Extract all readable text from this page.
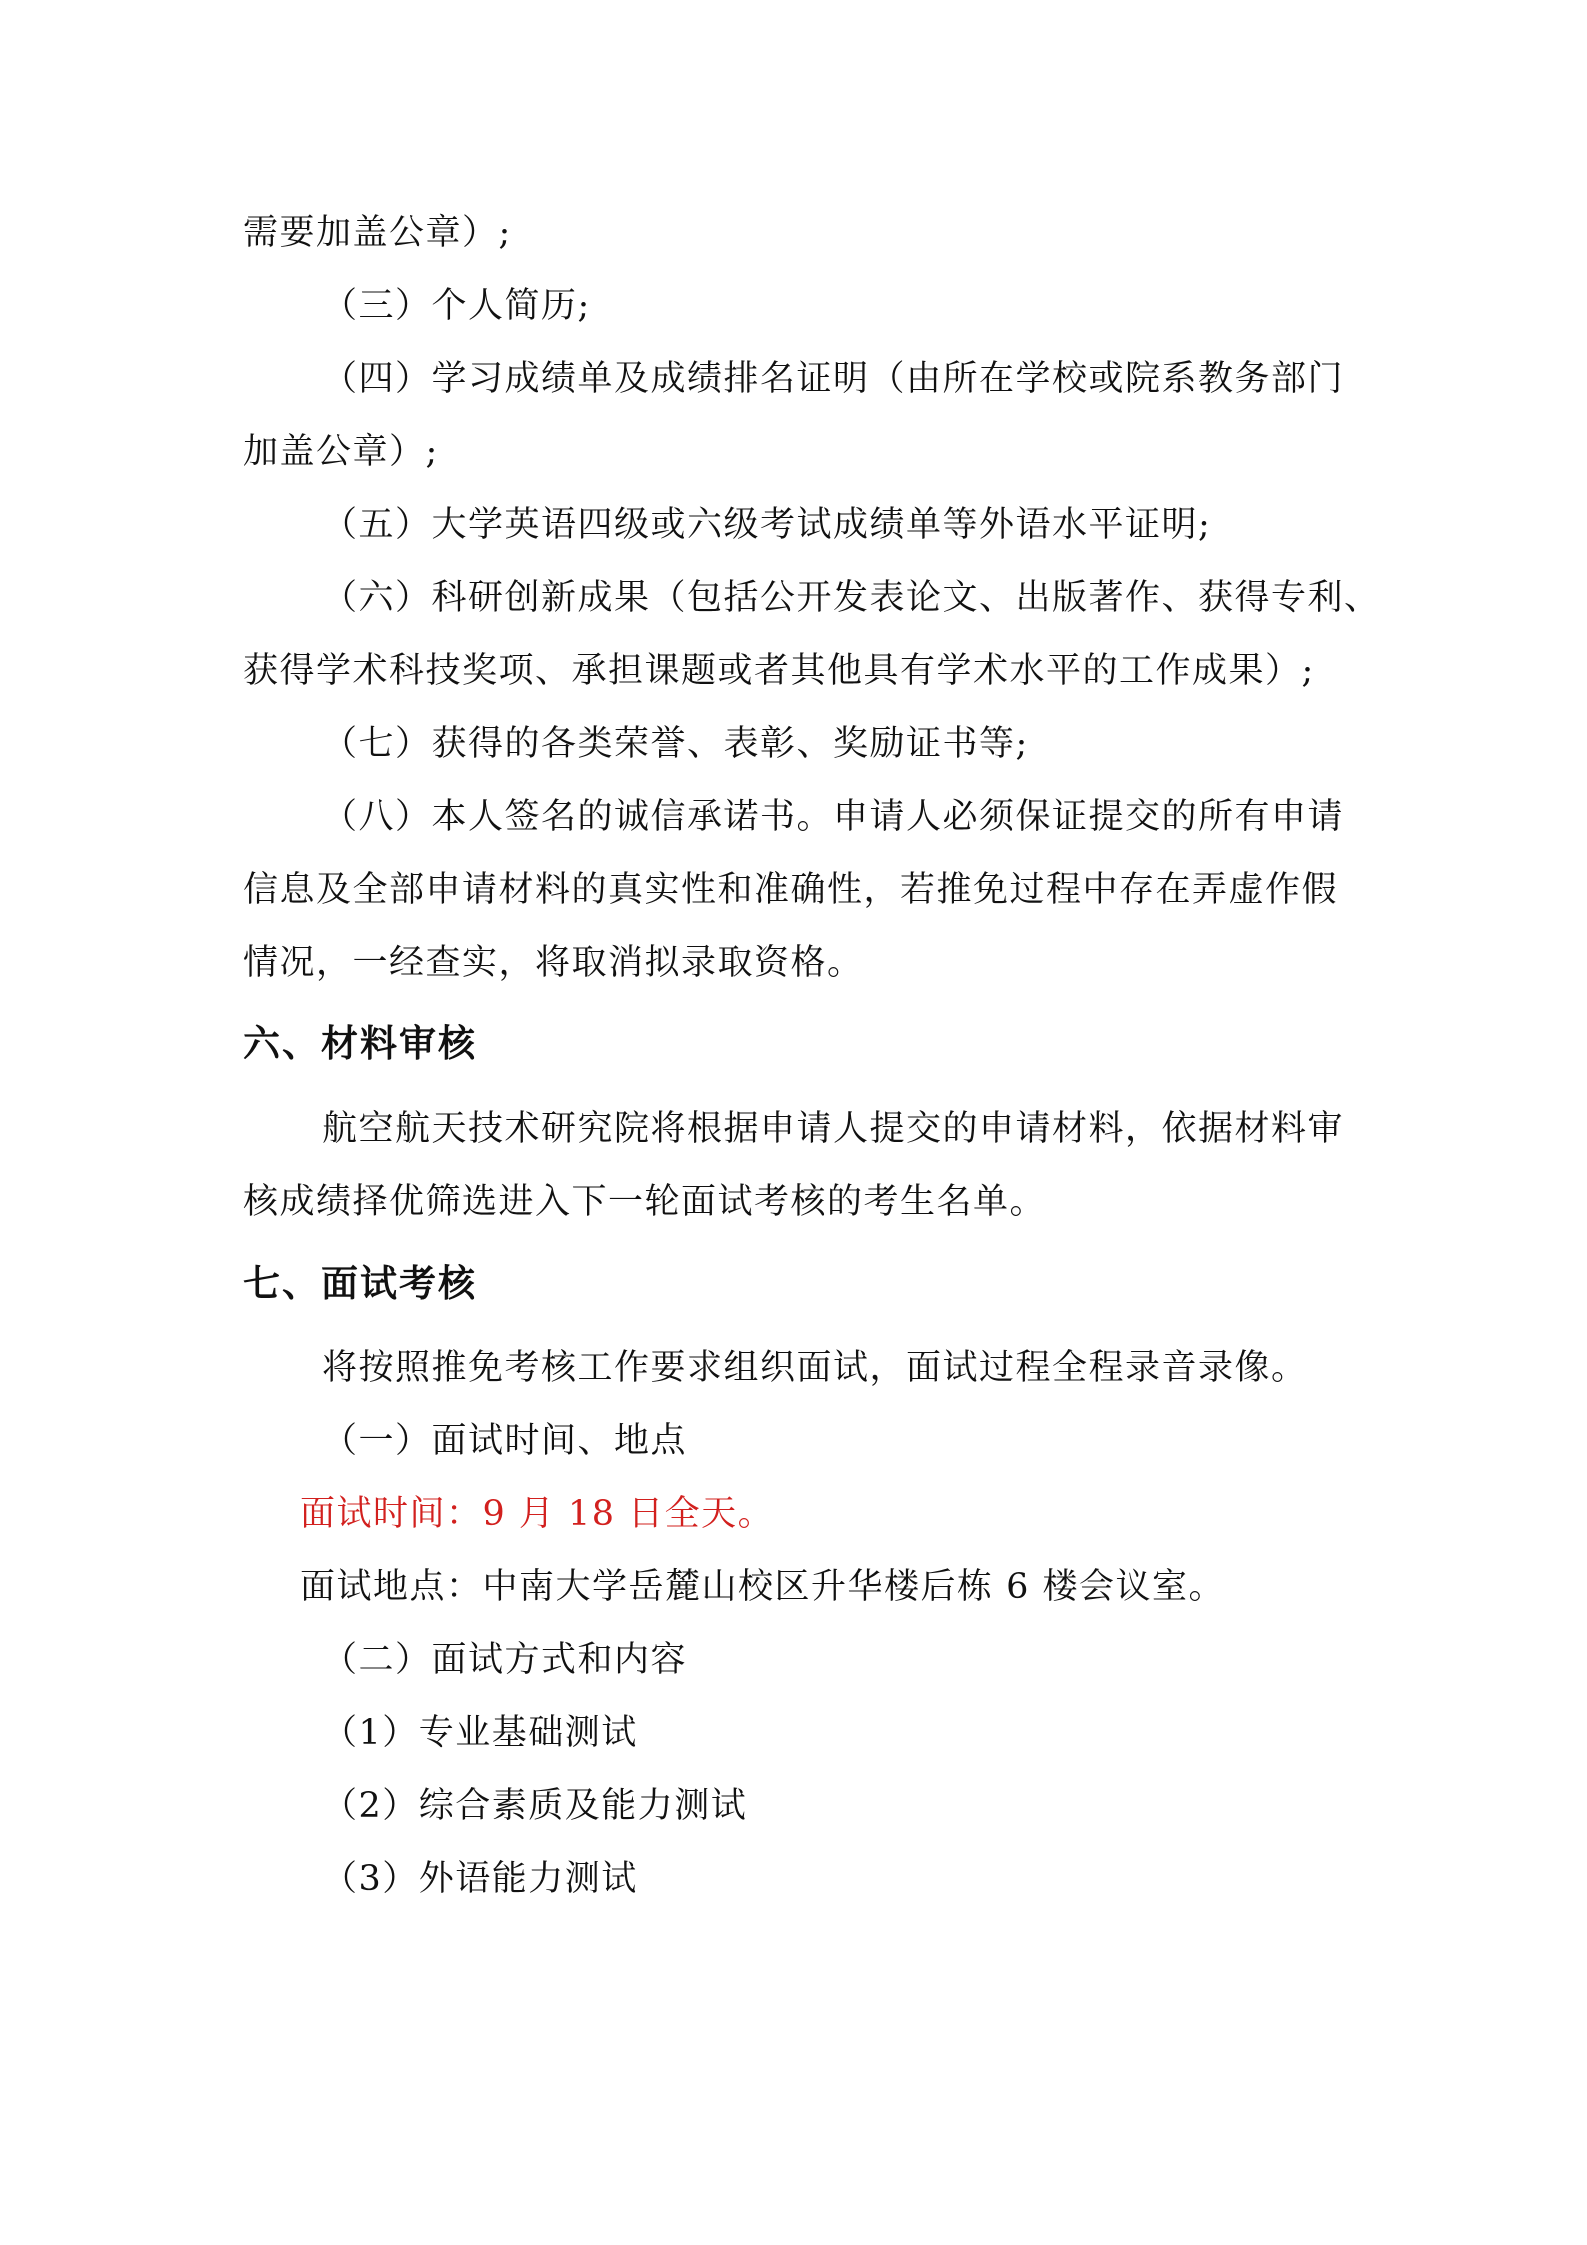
需要加盖公章）;
（三）个人简历;
（四）学习成绩单及成绩排名证明（由所在学校或院系教务部门
加盖公章）;
（五）大学英语四级或六级考试成绩单等外语水平证明;
（六）科研创新成果（包括公开发表论文、出版著作、获得专利、
获得学术科技奖项、承担课题或者其他具有学术水平的工作成果）;
（七）获得的各类荣誉、表彰、奖励证书等;
（八）本人签名的诚信承诺书。申请人必须保证提交的所有申请
信息及全部申请材料的真实性和准确性，若推免过程中存在弄虚作假
情况，一经查实，将取消拟录取资格。
六、材料审核
航空航天技术研究院将根据申请人提交的申请材料，依据材料审
核成绩择优筛选进入下一轮面试考核的考生名单。
七、面试考核
将按照推免考核工作要求组织面试，面试过程全程录音录像。
（一）面试时间、地点
面试时间：9 月 18 日全天。
面试地点：中南大学岳麓山校区升华楼后栋 6 楼会议室。
（二）面试方式和内容
（1）专业基础测试
（2）综合素质及能力测试
（3）外语能力测试
